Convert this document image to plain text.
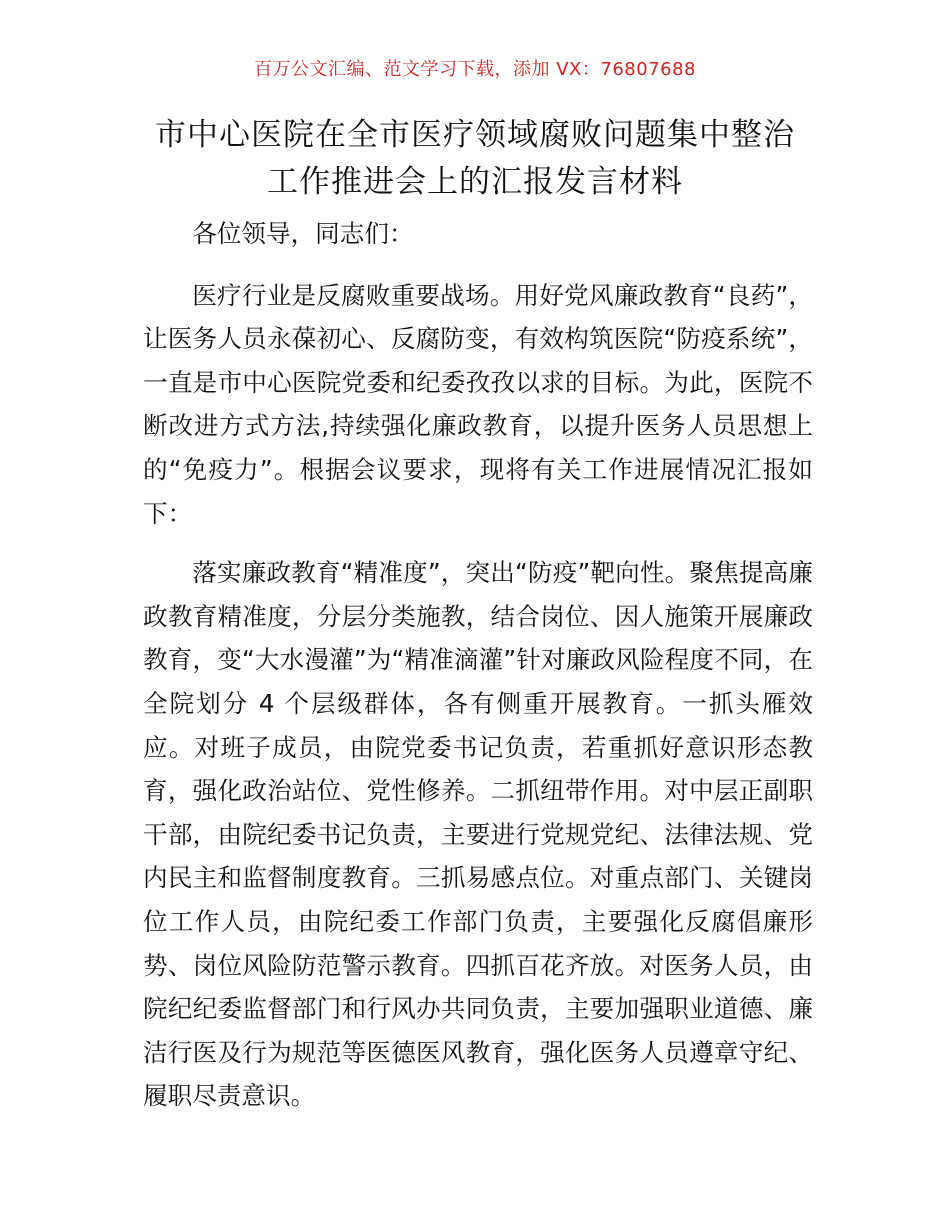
百万公文汇编、范文学习下载，添加 VX：76807688
市中心医院在全市医疗领域腐败问题集中整治
工作推进会上的汇报发言材料

各位领导，同志们：

医疗行业是反腐败重要战场。用好党风廉政教育“良药”，让医务人员永葆初心、反腐防变，有效构筑医院“防疫系统”，一直是市中心医院党委和纪委孜孜以求的目标。为此，医院不断改进方式方法,持续强化廉政教育，以提升医务人员思想上的“免疫力”。根据会议要求，现将有关工作进展情况汇报如下：

落实廉政教育“精准度”，突出“防疫”靶向性。聚焦提高廉政教育精准度，分层分类施教，结合岗位、因人施策开展廉政教育，变“大水漫灌”为“精准滴灌”针对廉政风险程度不同，在全院划分 4 个层级群体，各有侧重开展教育。一抓头雁效应。对班子成员，由院党委书记负责，若重抓好意识形态教育，强化政治站位、党性修养。二抓纽带作用。对中层正副职干部，由院纪委书记负责，主要进行党规党纪、法律法规、党内民主和监督制度教育。三抓易感点位。对重点部门、关键岗位工作人员，由院纪委工作部门负责，主要强化反腐倡廉形势、岗位风险防范警示教育。四抓百花齐放。对医务人员，由院纪纪委监督部门和行风办共同负责，主要加强职业道德、廉洁行医及行为规范等医德医风教育，强化医务人员遵章守纪、履职尽责意识。
